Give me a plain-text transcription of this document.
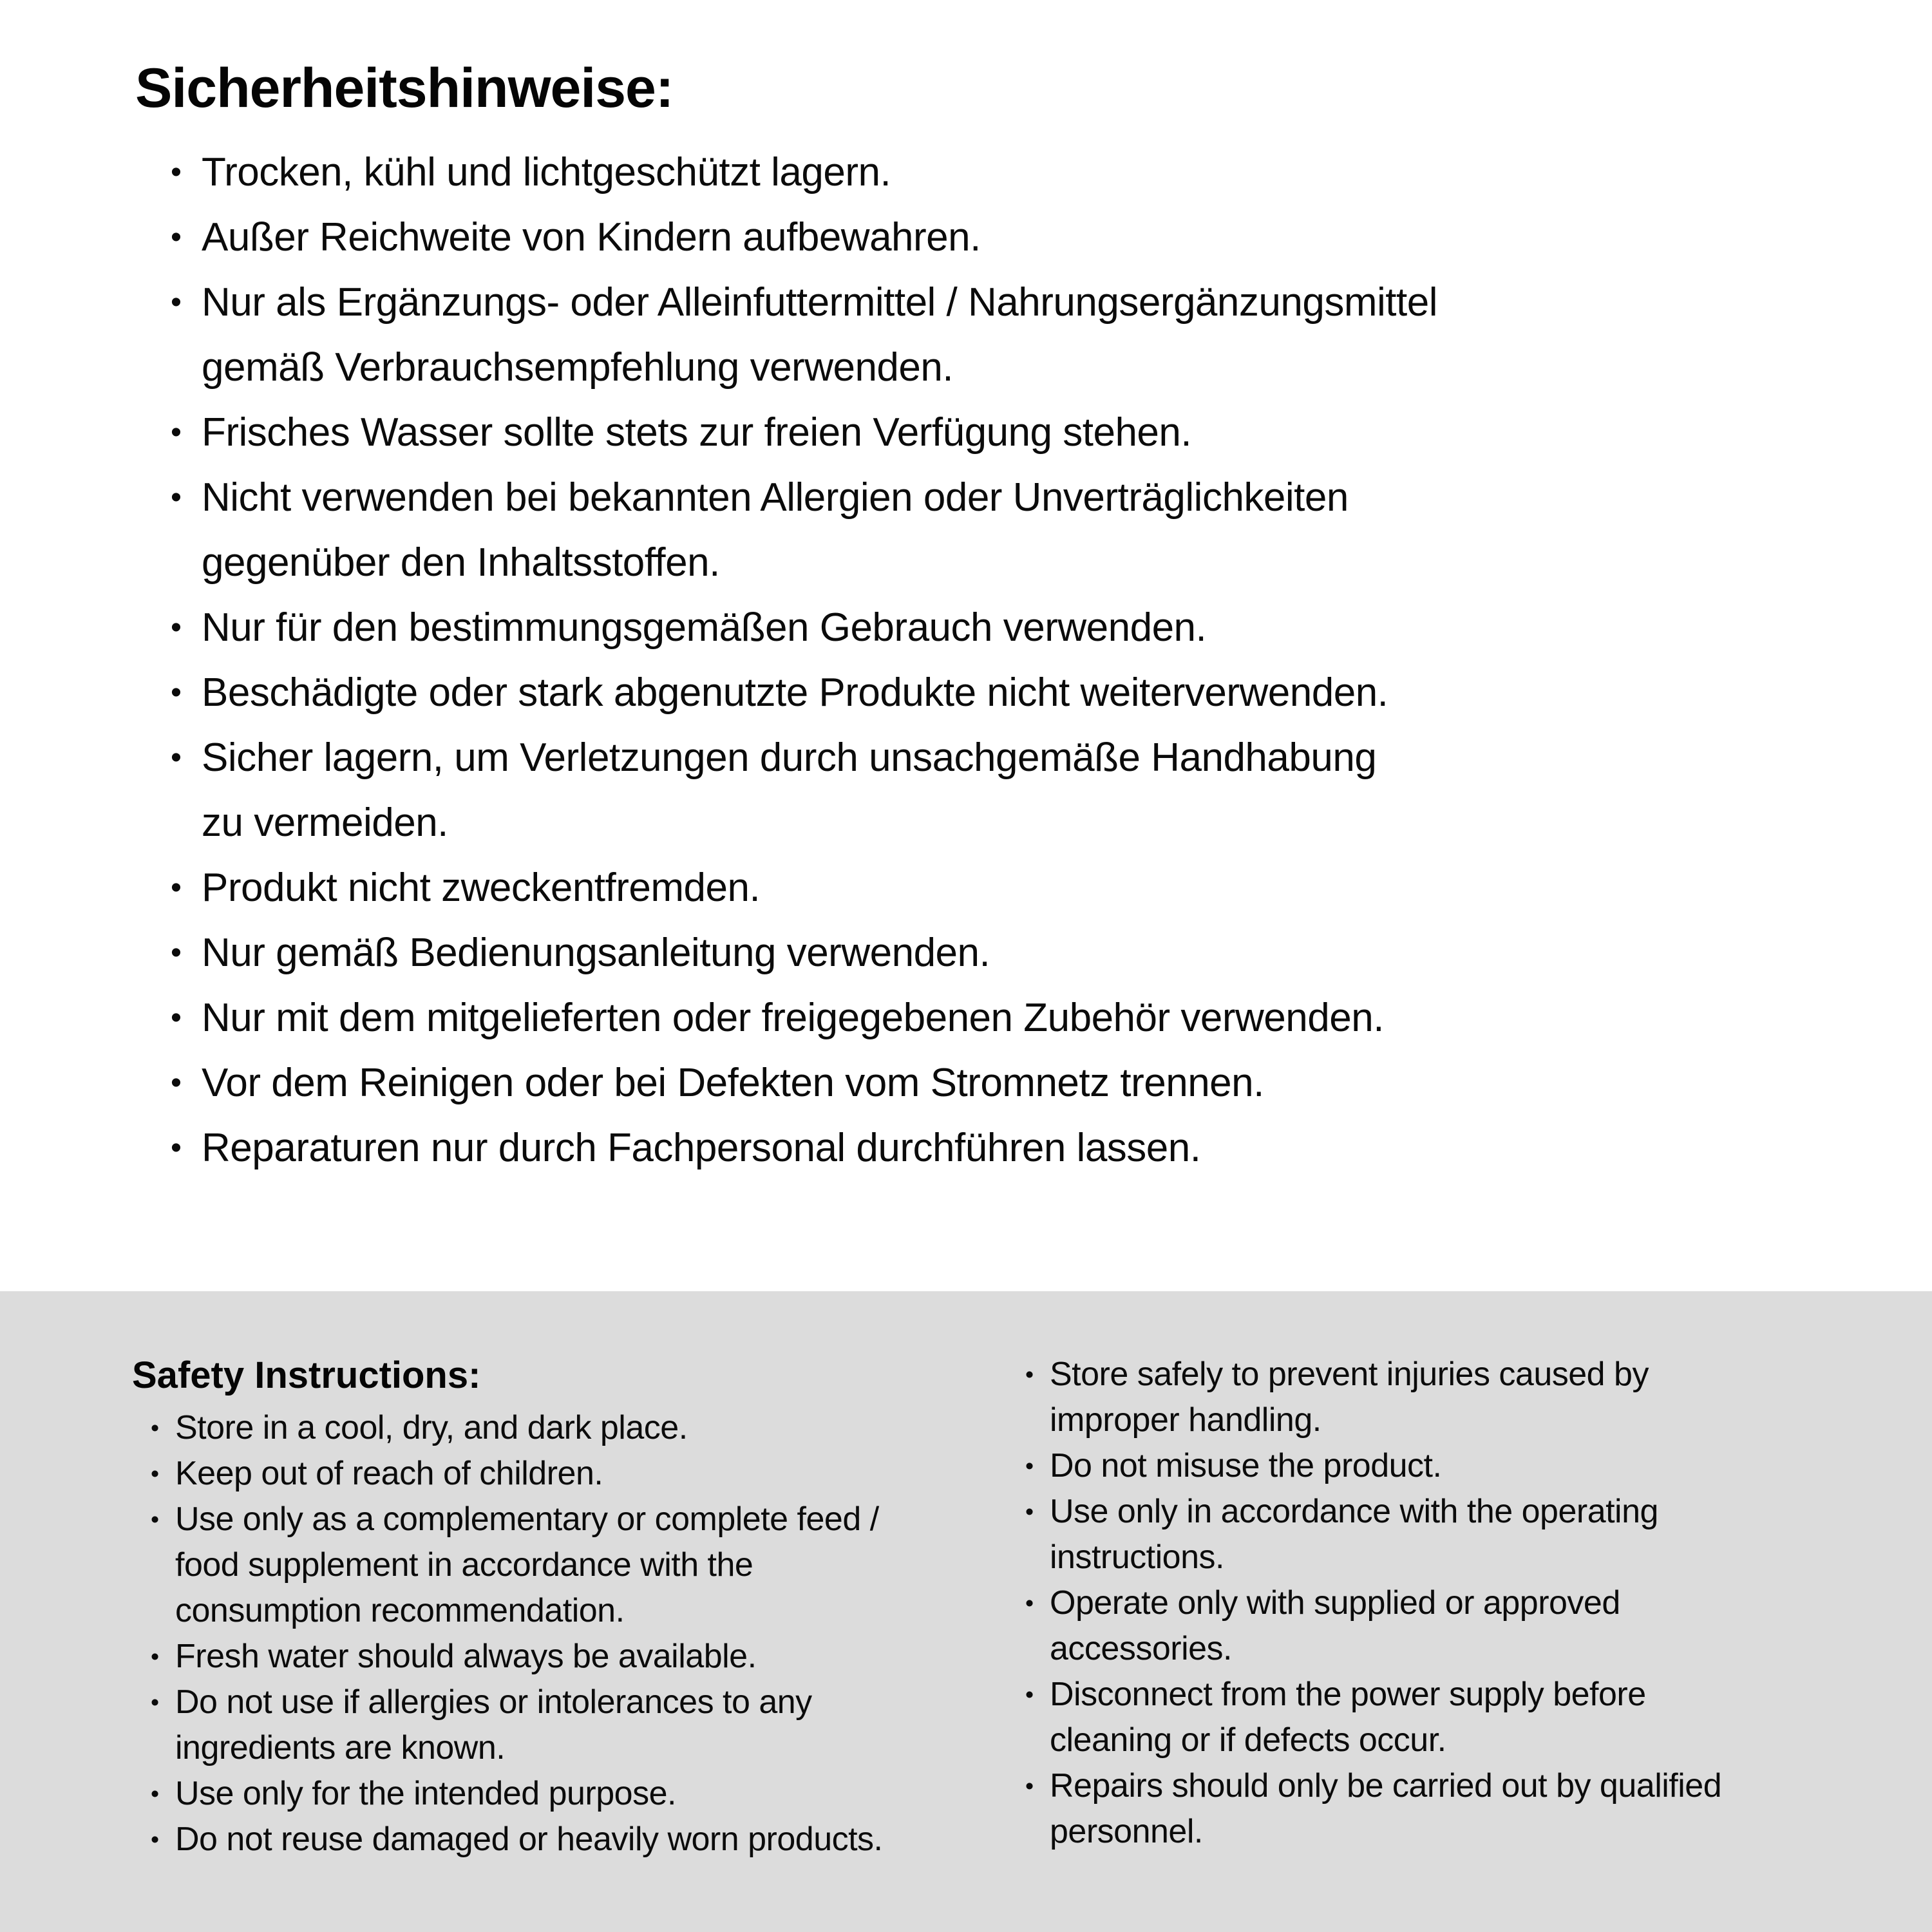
Sicherheitshinweise:
• Trocken, kühl und lichtgeschützt lagern.
• Außer Reichweite von Kindern aufbewahren.
• Nur als Ergänzungs- oder Alleinfuttermittel / Nahrungsergänzungsmittel
gemäß Verbrauchsempfehlung verwenden.
• Frisches Wasser sollte stets zur freien Verfügung stehen.
• Nicht verwenden bei bekannten Allergien oder Unverträglichkeiten
gegenüber den Inhaltsstoffen.
• Nur für den bestimmungsgemäßen Gebrauch verwenden.
• Beschädigte oder stark abgenutzte Produkte nicht weiterverwenden.
• Sicher lagern, um Verletzungen durch unsachgemäße Handhabung
zu vermeiden.
• Produkt nicht zweckentfremden.
• Nur gemäß Bedienungsanleitung verwenden.
• Nur mit dem mitgelieferten oder freigegebenen Zubehör verwenden.
• Vor dem Reinigen oder bei Defekten vom Stromnetz trennen.
• Reparaturen nur durch Fachpersonal durchführen lassen.
Safety Instructions:
• Store in a cool, dry, and dark place.
• Keep out of reach of children.
• Use only as a complementary or complete feed /
food supplement in accordance with the
consumption recommendation.
• Fresh water should always be available.
• Do not use if allergies or intolerances to any
ingredients are known.
• Use only for the intended purpose.
• Do not reuse damaged or heavily worn products.
• Store safely to prevent injuries caused by
improper handling.
• Do not misuse the product.
• Use only in accordance with the operating
instructions.
• Operate only with supplied or approved
accessories.
• Disconnect from the power supply before
cleaning or if defects occur.
• Repairs should only be carried out by qualified
personnel.
